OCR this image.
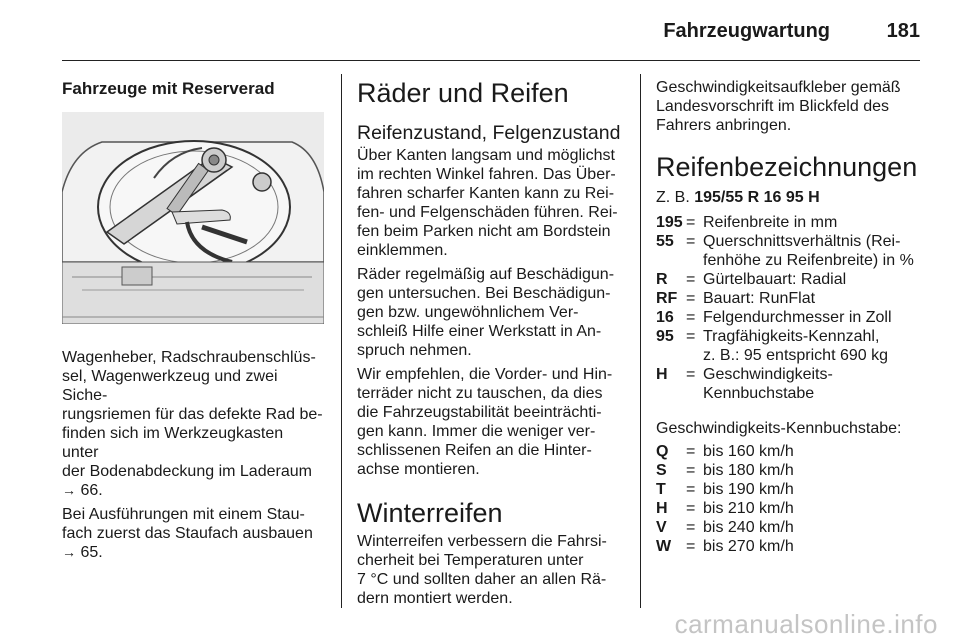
Fahrzeugwartung	181
Fahrzeuge mit Reserverad

Wagenheber, Radschraubenschlüs-
sel, Wagenwerkzeug und zwei Siche-
rungsriemen für das defekte Rad be-
finden sich im Werkzeugkasten unter
der Bodenabdeckung im Laderaum
→ 66.

Bei Ausführungen mit einem Stau-
fach zuerst das Staufach ausbauen
→ 65.

Räder und Reifen
Reifenzustand, Felgenzustand

Über Kanten langsam und möglichst
im rechten Winkel fahren. Das Über-
fahren scharfer Kanten kann zu Rei-
fen- und Felgenschäden führen. Rei-
fen beim Parken nicht am Bordstein
einklemmen.

Räder regelmäßig auf Beschädigun-
gen untersuchen. Bei Beschädigun-
gen bzw. ungewöhnlichem Ver-
schleiß Hilfe einer Werkstatt in An-
spruch nehmen.

Wir empfehlen, die Vorder- und Hin-
terräder nicht zu tauschen, da dies
die Fahrzeugstabilität beeinträchti-
gen kann. Immer die weniger ver-
schlissenen Reifen an die Hinter-
achse montieren.

Winterreifen

Winterreifen verbessern die Fahrsi-
cherheit bei Temperaturen unter
7 °C und sollten daher an allen Rä-
dern montiert werden.

Geschwindigkeitsaufkleber gemäß
Landesvorschrift im Blickfeld des
Fahrers anbringen.

Reifenbezeichnungen

Z. B. 195/55 R 16 95 H

195 = Reifenbreite in mm
55 = Querschnittsverhältnis (Rei-
fenhöhe zu Reifenbreite) in %
R	= Gürtelbauart: Radial
RF = Bauart: RunFlat
16 = Felgendurchmesser in Zoll
95 = Tragfähigkeits-Kennzahl,
z. B.: 95 entspricht 690 kg
H	= Geschwindigkeits-
Kennbuchstabe

Geschwindigkeits-Kennbuchstabe:

Q	= bis 160 km/h
S	= bis 180 km/h
T	= bis 190 km/h
H	= bis 210 km/h
V	= bis 240 km/h
W = bis 270 km/h
carmanualsonline.info
